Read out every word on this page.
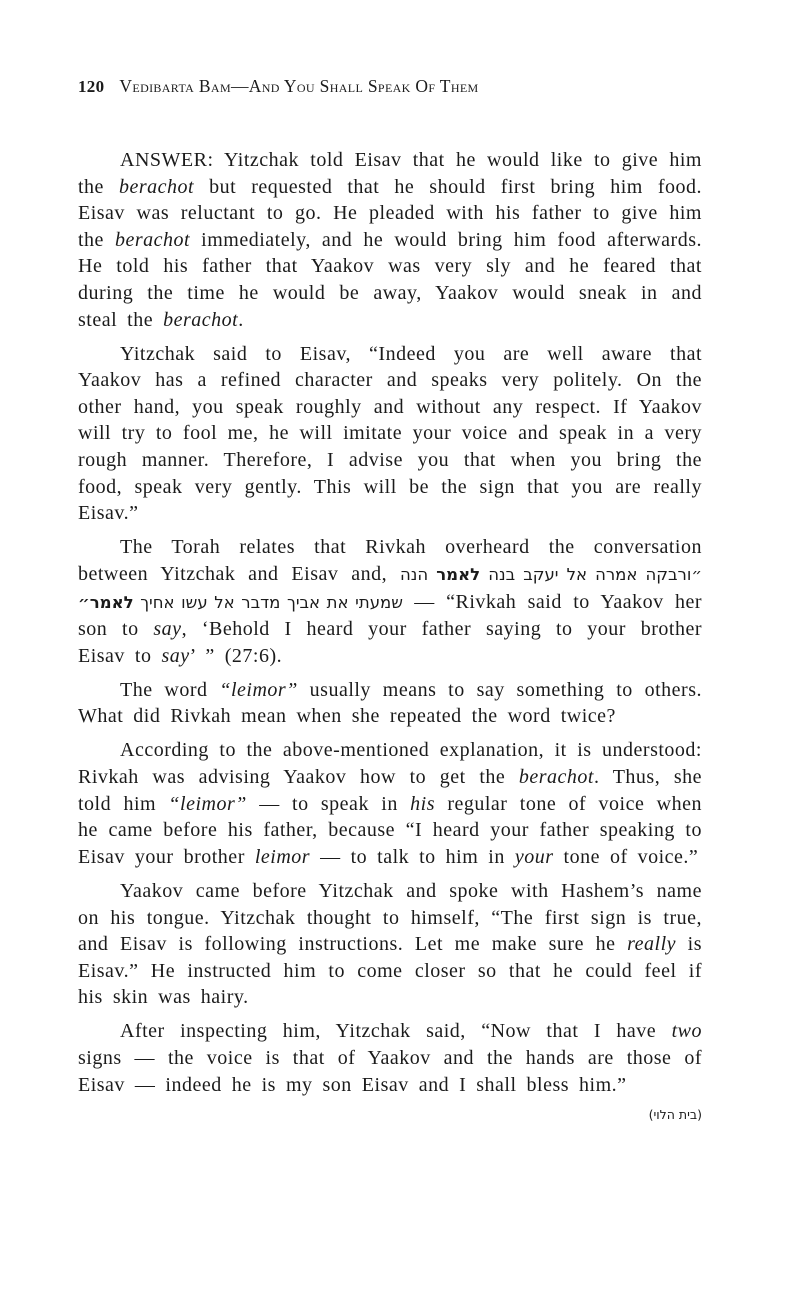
120 Vedibarta Bam—And You Shall Speak Of Them

ANSWER: Yitzchak told Eisav that he would like to give him the berachot but requested that he should first bring him food. Eisav was reluctant to go. He pleaded with his father to give him the berachot immediately, and he would bring him food afterwards. He told his father that Yaakov was very sly and he feared that during the time he would be away, Yaakov would sneak in and steal the berachot.

Yitzchak said to Eisav, “Indeed you are well aware that Yaakov has a refined character and speaks very politely. On the other hand, you speak roughly and without any respect. If Yaakov will try to fool me, he will imitate your voice and speak in a very rough manner. Therefore, I advise you that when you bring the food, speak very gently. This will be the sign that you are really Eisav.”

The Torah relates that Rivkah overheard the conversation between Yitzchak and Eisav and,	״ורבקה אמרה אל יעקב בנה לאמר הנה שמעתי את אביך מדבר אל עשו אחיך לאמר״	— “Rivkah said to Yaakov her son to say, ‘Behold I heard your father saying to your brother Eisav to say’ ” (27:6).

The word “leimor” usually means to say something to others. What did Rivkah mean when she repeated the word twice?

According to the above-mentioned explanation, it is understood: Rivkah was advising Yaakov how to get the berachot. Thus, she told him “leimor” — to speak in his regular tone of voice when he came before his father, because “I heard your father speaking to Eisav your brother leimor — to talk to him in your tone of voice.”

Yaakov came before Yitzchak and spoke with Hashem’s name on his tongue. Yitzchak thought to himself, “The first sign is true, and Eisav is following instructions. Let me make sure he really is Eisav.” He instructed him to come closer so that he could feel if his skin was hairy.

After inspecting him, Yitzchak said, “Now that I have two signs — the voice is that of Yaakov and the hands are those of Eisav — indeed he is my son Eisav and I shall bless him.”

(בית הלוי)
